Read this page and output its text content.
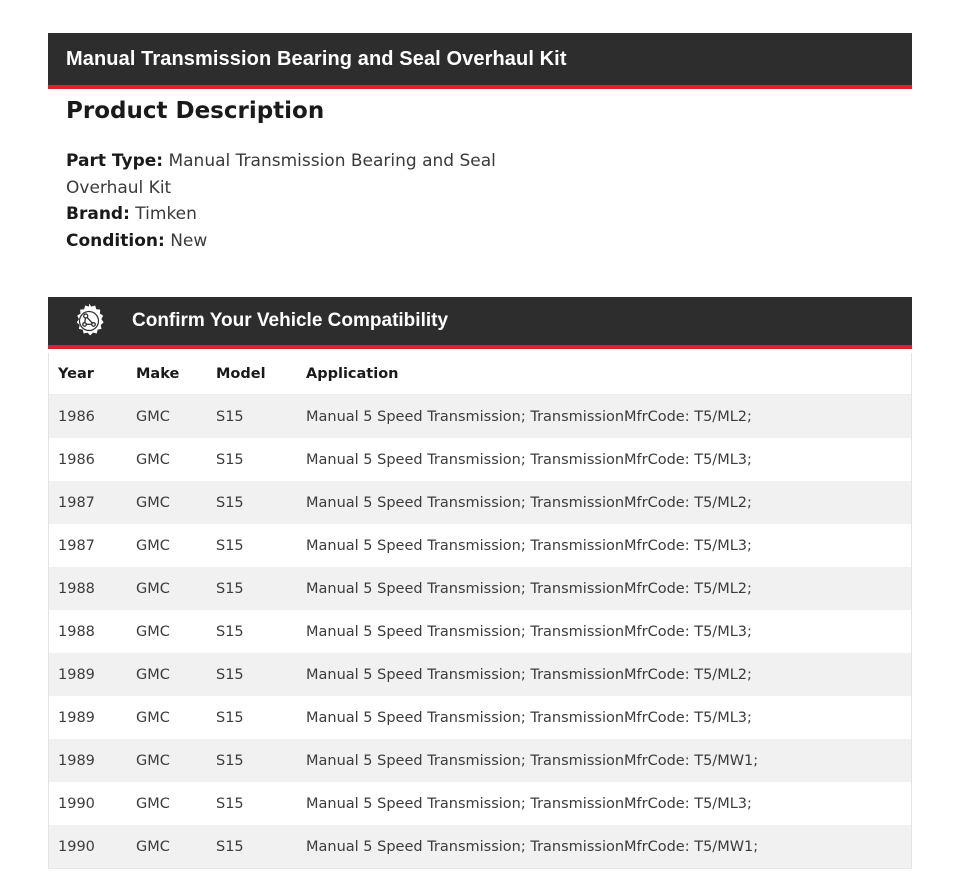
Manual Transmission Bearing and Seal Overhaul Kit
Product Description
Part Type: Manual Transmission Bearing and Seal Overhaul Kit
Brand: Timken
Condition: New
Confirm Your Vehicle Compatibility
Year	Make	Model	Application
1986	GMC	S15	Manual 5 Speed Transmission; TransmissionMfrCode: T5/ML2;
1986	GMC	S15	Manual 5 Speed Transmission; TransmissionMfrCode: T5/ML3;
1987	GMC	S15	Manual 5 Speed Transmission; TransmissionMfrCode: T5/ML2;
1987	GMC	S15	Manual 5 Speed Transmission; TransmissionMfrCode: T5/ML3;
1988	GMC	S15	Manual 5 Speed Transmission; TransmissionMfrCode: T5/ML2;
1988	GMC	S15	Manual 5 Speed Transmission; TransmissionMfrCode: T5/ML3;
1989	GMC	S15	Manual 5 Speed Transmission; TransmissionMfrCode: T5/ML2;
1989	GMC	S15	Manual 5 Speed Transmission; TransmissionMfrCode: T5/ML3;
1989	GMC	S15	Manual 5 Speed Transmission; TransmissionMfrCode: T5/MW1;
1990	GMC	S15	Manual 5 Speed Transmission; TransmissionMfrCode: T5/ML3;
1990	GMC	S15	Manual 5 Speed Transmission; TransmissionMfrCode: T5/MW1;
